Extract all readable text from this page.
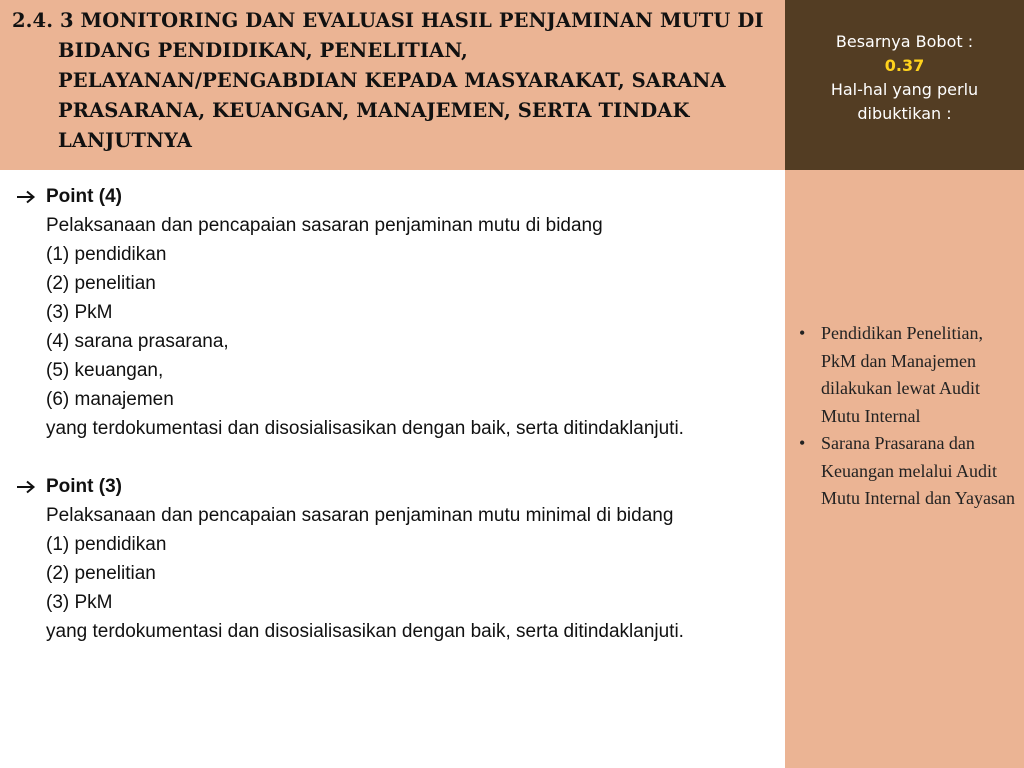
2.4. 3 MONITORING DAN EVALUASI HASIL PENJAMINAN MUTU DI BIDANG PENDIDIKAN, PENELITIAN, PELAYANAN/PENGABDIAN KEPADA MASYARAKAT, SARANA PRASARANA, KEUANGAN, MANAJEMEN, SERTA TINDAK LANJUTNYA
Besarnya Bobot :
0.37
Hal-hal yang perlu
dibuktikan :
Point (4)
Pelaksanaan dan pencapaian sasaran penjaminan mutu di bidang
(1) pendidikan
(2) penelitian
(3) PkM
(4) sarana prasarana,
(5) keuangan,
(6) manajemen
yang terdokumentasi dan disosialisasikan dengan baik, serta ditindaklanjuti.
Point (3)
Pelaksanaan dan pencapaian sasaran penjaminan mutu minimal di bidang
(1) pendidikan
(2) penelitian
(3) PkM
yang terdokumentasi dan disosialisasikan dengan baik, serta ditindaklanjuti.
• Pendidikan Penelitian, PkM dan Manajemen dilakukan lewat Audit Mutu Internal
• Sarana Prasarana dan Keuangan melalui Audit Mutu Internal dan Yayasan
